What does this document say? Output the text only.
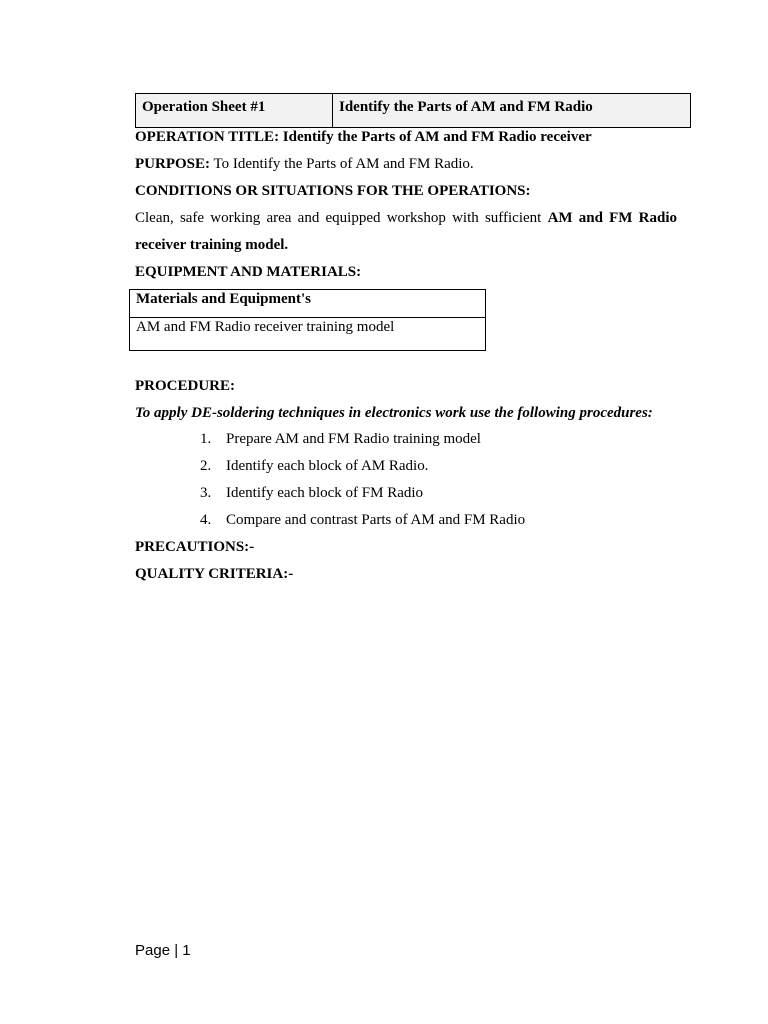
Operation Sheet #1	Identify the Parts of AM and FM Radio
OPERATION TITLE: Identify the Parts of AM and FM Radio receiver
PURPOSE: To Identify the Parts of AM and FM Radio.
CONDITIONS OR SITUATIONS FOR THE OPERATIONS:
Clean, safe working area and equipped workshop with sufficient AM and FM Radio
receiver training model.
EQUIPMENT AND MATERIALS:
Materials and Equipment's
AM and FM Radio receiver training model
PROCEDURE:
To apply DE-soldering techniques in electronics work use the following procedures:
1. Prepare AM and FM Radio training model
2. Identify each block of AM Radio.
3. Identify each block of FM Radio
4. Compare and contrast Parts of AM and FM Radio
PRECAUTIONS:-
QUALITY CRITERIA:-
Page | 1
